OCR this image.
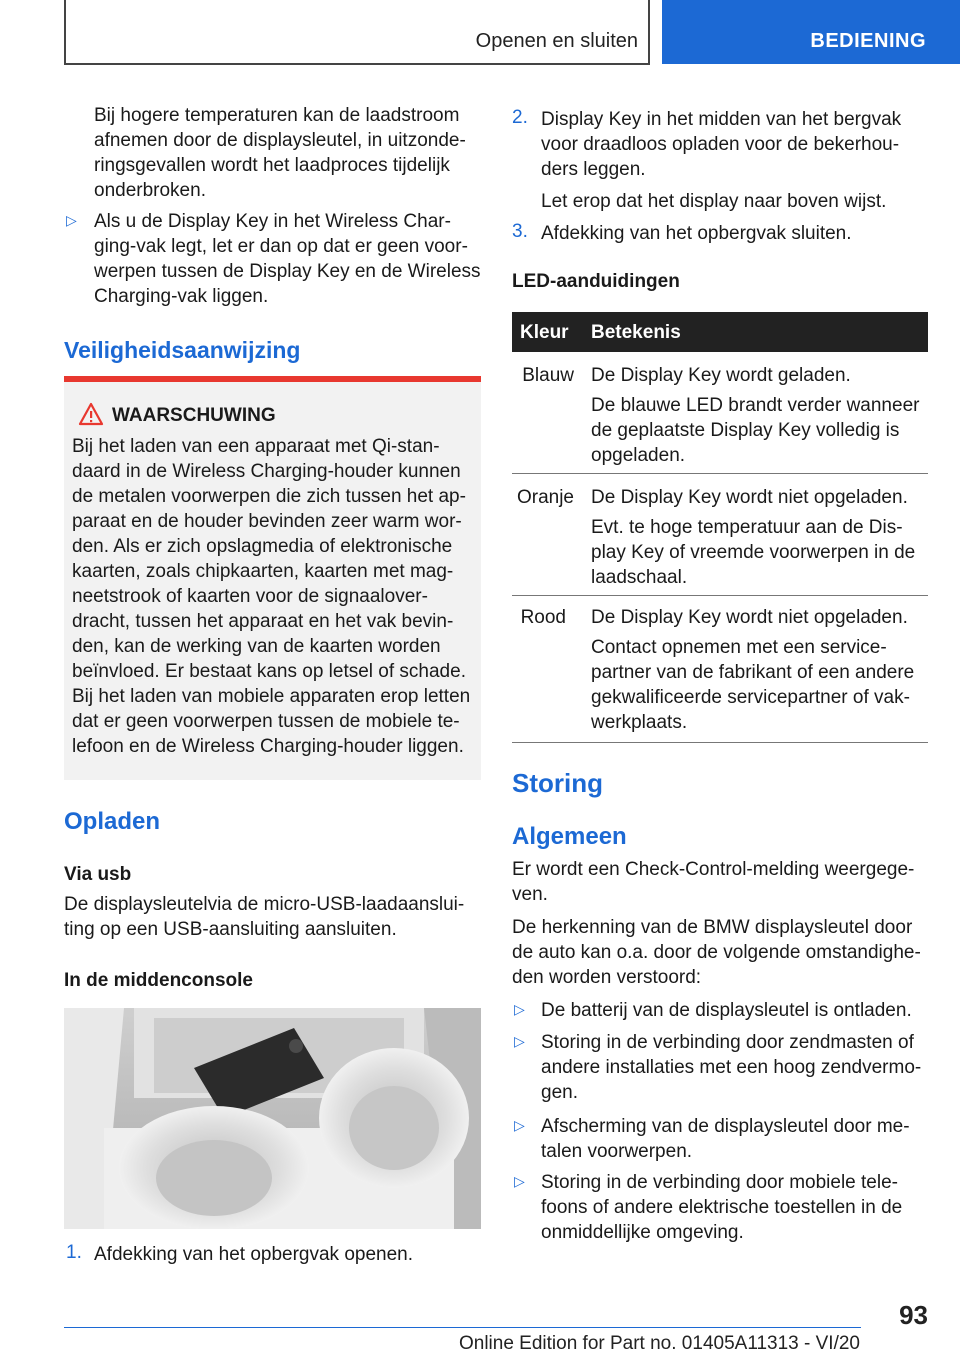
Openen en sluiten	BEDIENING
Bij hogere temperaturen kan de laadstroom
afnemen door de displaysleutel, in uitzonde‐
ringsgevallen wordt het laadproces tijdelijk
onderbroken.
▷ Als u de Display Key in het Wireless Char‐
ging-vak legt, let er dan op dat er geen voor‐
werpen tussen de Display Key en de Wireless
Charging-vak liggen.
Veiligheidsaanwijzing
WAARSCHUWING
Bij het laden van een apparaat met Qi-stan‐
daard in de Wireless Charging-houder kunnen
de metalen voorwerpen die zich tussen het ap‐
paraat en de houder bevinden zeer warm wor‐
den. Als er zich opslagmedia of elektronische
kaarten, zoals chipkaarten, kaarten met mag‐
neetstrook of kaarten voor de signaalover‐
dracht, tussen het apparaat en het vak bevin‐
den, kan de werking van de kaarten worden
beïnvloed. Er bestaat kans op letsel of schade.
Bij het laden van mobiele apparaten erop letten
dat er geen voorwerpen tussen de mobiele te‐
lefoon en de Wireless Charging-houder liggen.
Opladen
Via usb
De displaysleutelvia de micro-USB-laadaanslui‐
ting op een USB-aansluiting aansluiten.
In de middenconsole
1. Afdekking van het opbergvak openen.
2. Display Key in het midden van het bergvak
voor draadloos opladen voor de bekerhou‐
ders leggen.
Let erop dat het display naar boven wijst.
3. Afdekking van het opbergvak sluiten.
LED-aanduidingen
Kleur Betekenis
Blauw De Display Key wordt geladen.
De blauwe LED brandt verder wanneer
de geplaatste Display Key volledig is
opgeladen.
Oranje De Display Key wordt niet opgeladen.
Evt. te hoge temperatuur aan de Dis‐
play Key of vreemde voorwerpen in de
laadschaal.
Rood De Display Key wordt niet opgeladen.
Contact opnemen met een service‐
partner van de fabrikant of een andere
gekwalificeerde servicepartner of vak‐
werkplaats.
Storing
Algemeen
Er wordt een Check-Control-melding weergege‐
ven.
De herkenning van de BMW displaysleutel door
de auto kan o.a. door de volgende omstandighe‐
den worden verstoord:
▷ De batterij van de displaysleutel is ontladen.
▷ Storing in de verbinding door zendmasten of
andere installaties met een hoog zendvermo‐
gen.
▷ Afscherming van de displaysleutel door me‐
talen voorwerpen.
▷ Storing in de verbinding door mobiele tele‐
foons of andere elektrische toestellen in de
onmiddellijke omgeving.
93
Online Edition for Part no. 01405A11313 - VI/20
